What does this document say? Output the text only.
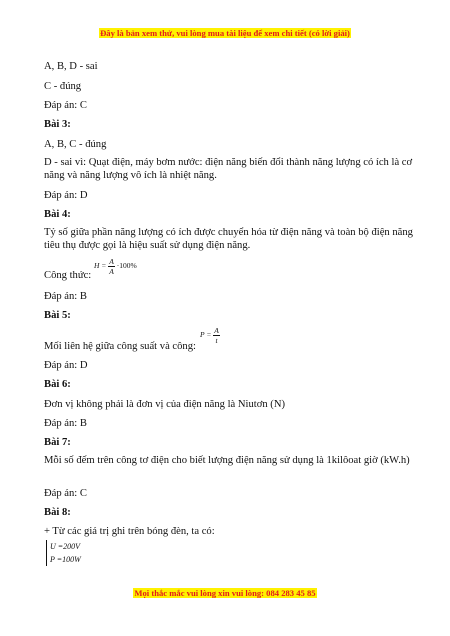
Đây là bản xem thử, vui lòng mua tài liệu để xem chi tiết (có lời giải)
A, B, D - sai
C - đúng
Đáp án: C
Bài 3:
A, B, C - đúng
D - sai vì: Quạt điện, máy bơm nước: điện năng biến đổi thành năng lượng có ích là cơ năng và năng lượng vô ích là nhiệt năng.
Đáp án: D
Bài 4:
Tỷ số giữa phần năng lượng có ích được chuyển hóa từ điện năng và toàn bộ điện năng tiêu thụ được gọi là hiệu suất sử dụng điện năng.
Công thức:
$H = \frac{A}{A} \cdot 100\%$
Đáp án: B
Bài 5:
Mối liên hệ giữa công suất và công:
$P = \frac{A}{t}$
Đáp án: D
Bài 6:
Đơn vị không phải là đơn vị của điện năng là Niutơn (N)
Đáp án: B
Bài 7:
Mỗi số đếm trên công tơ điện cho biết lượng điện năng sử dụng là 1kilôoat giờ (kW.h)
Đáp án: C
Bài 8:
+ Từ các giá trị ghi trên bóng đèn, ta có:
U =200V
P =100W
Mọi thắc mắc vui lòng xin vui lòng: 084 283 45 85
